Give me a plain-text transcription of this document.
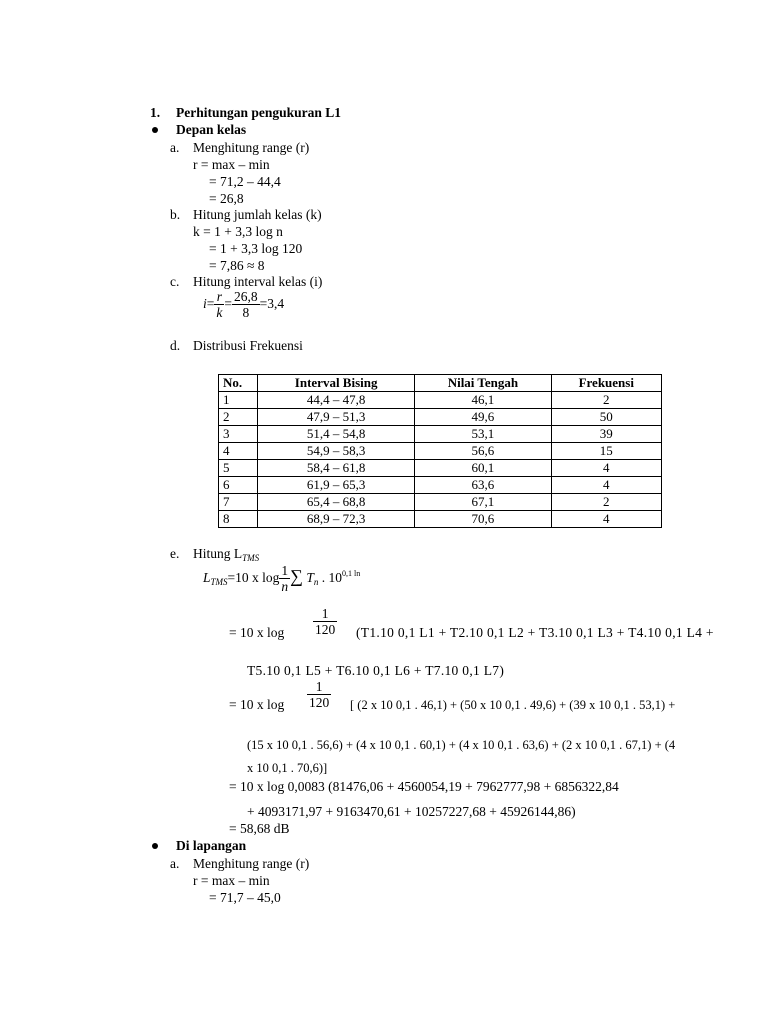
1. Perhitungan pengukuran L1
Depan kelas
a. Menghitung range (r)
r = max – min
= 71,2 – 44,4
= 26,8
b. Hitung jumlah kelas (k)
k = 1 + 3,3 log n
= 1 + 3,3 log 120
= 7,86 ≈ 8
c. Hitung interval kelas (i)
$i= \frac{r}{k} = \frac{26,8}{8} =3,4$
d. Distribusi Frekuensi
No.	Interval Bising	Nilai Tengah	Frekuensi
1	44,4 – 47,8	46,1	2
2	47,9 – 51,3	49,6	50
3	51,4 – 54,8	53,1	39
4	54,9 – 58,3	56,6	15
5	58,4 – 61,8	60,1	4
6	61,9 – 65,3	63,6	4
7	65,4 – 68,8	67,1	2
8	68,9 – 72,3	70,6	4
e. Hitung $L_{TMS}$
$L_{TMS}=10$ x $\log \frac{1}{n}$ ∑ $T_n$ . $10^{0,1 ln}$
= 10 x $\log \frac{1}{120} (T1.10$ 0,1 L1 + T2.10 0,1 L2 + T3.10 0,1 L3 + T4.10 0,1 L4 +
T5.10 0,1 L5 + T6.10 0,1 L6 + T7.10 0,1 L7)
= 10 x $\log \frac{1}{120}$ [ (2 x 10 0,1 . 46,1) + (50 x 10 0,1 . 49,6) + (39 x 10 0,1 . 53,1) +
(15 x 10 0,1 . 56,6) + (4 x 10 0,1 . 60,1) + (4 x 10 0,1 . 63,6) + (2 x 10 0,1 . 67,1) + (4
x 10 0,1 . 70,6)]
= 10 x log 0,0083 (81476,06 + 4560054,19 + 7962777,98 + 6856322,84
+ 4093171,97 + 9163470,61 + 10257227,68 + 45926144,86)
= 58,68 dB
Di lapangan
a. Menghitung range (r)
r = max – min
= 71,7 – 45,0
